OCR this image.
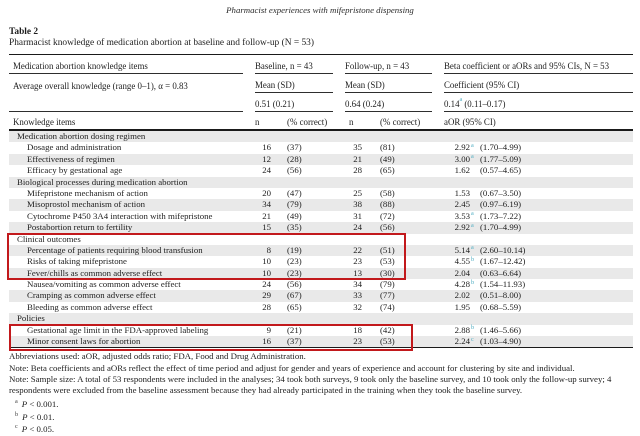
Pharmacist experiences with mifepristone dispensing
Table 2
Pharmacist knowledge of medication abortion at baseline and follow-up (N = 53)
Medication abortion knowledge items	Baseline, n = 43	Follow-up, n = 43	Beta coefficient or aORs and 95% CIs, N = 53
Average overall knowledge (range 0–1), α = 0.83	Mean (SD)	Mean (SD)	Coefficient (95% CI)
0.51 (0.21)	0.64 (0.24)	0.14$^a$ (0.11–0.17)
Knowledge items	n	(% correct)	n	(% correct)	aOR (95% CI)
Medication abortion dosing regimen
Dosage and administration	16	(37)	35	(81)	2.92 a (1.70–4.99)
Effectiveness of regimen	12	(28)	21	(49)	3.00 a (1.77–5.09)
Efficacy by gestational age	24	(56)	28	(65)	1.62	(0.57–4.65)
Biological processes during medication abortion
Mifepristone mechanism of action	20	(47)	25	(58)	1.53	(0.67–3.50)
Misoprostol mechanism of action	34	(79)	38	(88)	2.45	(0.97–6.19)
Cytochrome P450 3A4 interaction with mifepristone	21	(49)	31	(72)	3.53 a (1.73–7.22)
Postabortion return to fertility	15	(35)	24	(56)	2.92 a (1.70–4.99)
Clinical outcomes
Percentage of patients requiring blood transfusion	8	(19)	22	(51)	5.14 a (2.60–10.14)
Risks of taking mifepristone	10	(23)	23	(53)	4.55 b (1.67–12.42)
Fever/chills as common adverse effect	10	(23)	13	(30)	2.04	(0.63–6.64)
Nausea/vomiting as common adverse effect	24	(56)	34	(79)	4.28 b (1.54–11.93)
Cramping as common adverse effect	29	(67)	33	(77)	2.02	(0.51–8.00)
Bleeding as common adverse effect	28	(65)	32	(74)	1.95	(0.68–5.59)
Policies
Gestational age limit in the FDA-approved labeling	9	(21)	18	(42)	2.88 b (1.46–5.66)
Minor consent laws for abortion	16	(37)	23	(53)	2.24 c (1.03–4.90)
Abbreviations used: aOR, adjusted odds ratio; FDA, Food and Drug Administration.
Note: Beta coefficients and aORs reflect the effect of time period and adjust for gender and years of experience and account for clustering by site and individual.
Note: Sample size: A total of 53 respondents were included in the analyses; 34 took both surveys, 9 took only the baseline survey, and 10 took only the follow-up survey; 4 respondents were excluded from the baseline assessment because they had already participated in the training when they took the baseline survey.
$^a$ P < 0.001.
$^b$ P < 0.01.
$^c$ P < 0.05.
